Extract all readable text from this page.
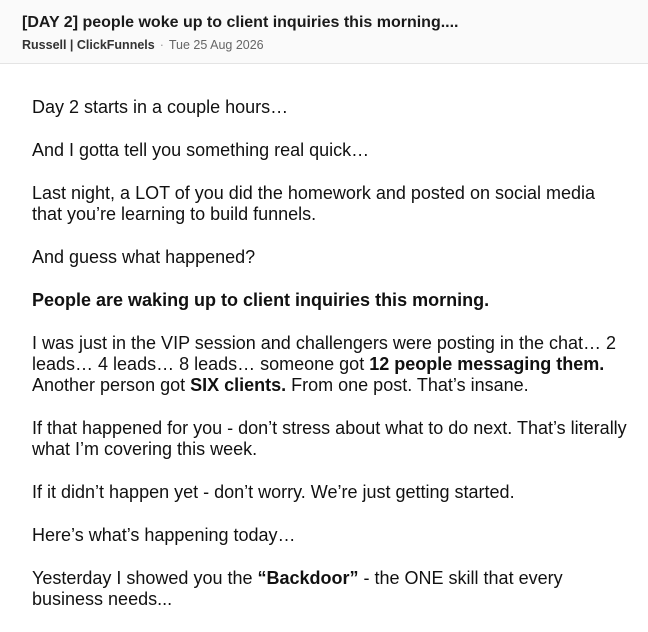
[DAY 2] people woke up to client inquiries this morning....
Russell | ClickFunnels · Tue 25 Aug 2026

Day 2 starts in a couple hours…

And I gotta tell you something real quick…

Last night, a LOT of you did the homework and posted on social media that you’re learning to build funnels.

And guess what happened?

People are waking up to client inquiries this morning.

I was just in the VIP session and challengers were posting in the chat… 2 leads… 4 leads… 8 leads… someone got 12 people messaging them. Another person got SIX clients. From one post. That’s insane.

If that happened for you - don’t stress about what to do next. That’s literally what I’m covering this week.

If it didn’t happen yet - don’t worry. We’re just getting started.

Here’s what’s happening today…

Yesterday I showed you the “Backdoor” - the ONE skill that every business needs...
